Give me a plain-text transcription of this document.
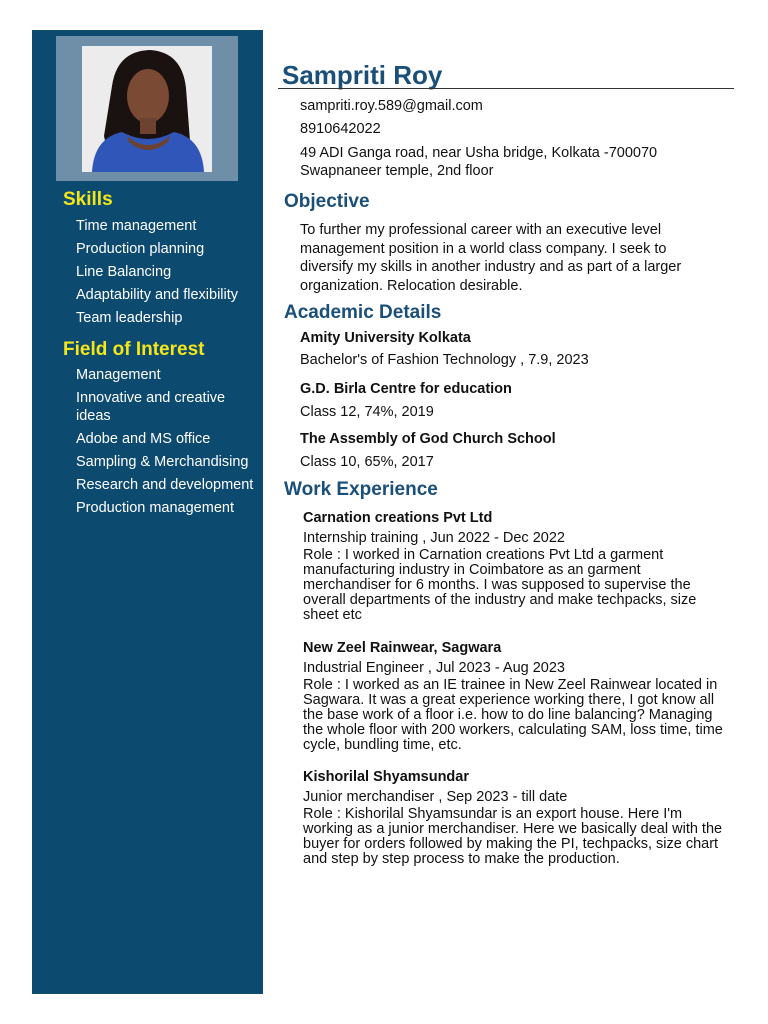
Skills
Time management
Production planning
Line Balancing
Adaptability and flexibility
Team leadership
Field of Interest
Management
Innovative and creative ideas
Adobe and MS office
Sampling & Merchandising
Research and development
Production management
Sampriti Roy
sampriti.roy.589@gmail.com
8910642022
49 ADI Ganga road, near Usha bridge, Kolkata -700070
Swapnaneer temple, 2nd floor
Objective
To further my professional career with an executive level management position in a world class company. I seek to diversify my skills in another industry and as part of a larger organization. Relocation desirable.
Academic Details
Amity University Kolkata
Bachelor's of Fashion Technology , 7.9, 2023
G.D. Birla Centre for education
Class 12, 74%, 2019
The Assembly of God Church School
Class 10, 65%, 2017
Work Experience
Carnation creations Pvt Ltd
Internship training , Jun 2022 - Dec 2022
Role : I worked in Carnation creations Pvt Ltd a garment manufacturing industry in Coimbatore as an garment merchandiser for 6 months. I was supposed to supervise the overall departments of the industry and make techpacks, size sheet etc
New Zeel Rainwear, Sagwara
Industrial Engineer , Jul 2023 - Aug 2023
Role : I worked as an IE trainee in New Zeel Rainwear located in Sagwara. It was a great experience working there, I got know all the base work of a floor i.e. how to do line balancing? Managing the whole floor with 200 workers, calculating SAM, loss time, time cycle, bundling time, etc.
Kishorilal Shyamsundar
Junior merchandiser , Sep 2023 - till date
Role : Kishorilal Shyamsundar is an export house. Here I'm working as a junior merchandiser. Here we basically deal with the buyer for orders followed by making the PI, techpacks, size chart and step by step process to make the production.
